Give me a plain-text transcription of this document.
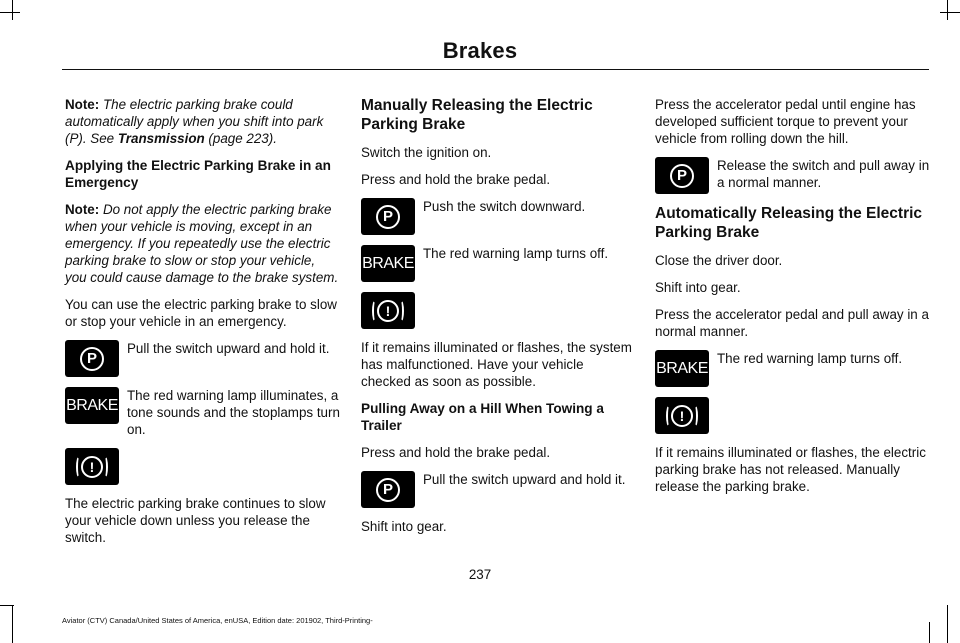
Brakes

Note: The electric parking brake could automatically apply when you shift into park (P). See Transmission (page 223).

Applying the Electric Parking Brake in an Emergency

Note: Do not apply the electric parking brake when your vehicle is moving, except in an emergency. If you repeatedly use the electric parking brake to slow or stop your vehicle, you could cause damage to the brake system.

You can use the electric parking brake to slow or stop your vehicle in an emergency.

P
Pull the switch upward and hold it.
BRAKE
The red warning lamp illuminates, a tone sounds and the stoplamps turn on.
!

The electric parking brake continues to slow your vehicle down unless you release the switch.

Manually Releasing the Electric Parking Brake

Switch the ignition on.

Press and hold the brake pedal.

P
Push the switch downward.
BRAKE
The red warning lamp turns off.
!

If it remains illuminated or flashes, the system has malfunctioned. Have your vehicle checked as soon as possible.

Pulling Away on a Hill When Towing a Trailer

Press and hold the brake pedal.

P
Pull the switch upward and hold it.

Shift into gear.

Press the accelerator pedal until engine has developed sufficient torque to prevent your vehicle from rolling down the hill.

P
Release the switch and pull away in a normal manner.
Automatically Releasing the Electric Parking Brake

Close the driver door.

Shift into gear.

Press the accelerator pedal and pull away in a normal manner.

BRAKE
The red warning lamp turns off.
!

If it remains illuminated or flashes, the electric parking brake has not released. Manually release the parking brake.

237
Aviator (CTV) Canada/United States of America, enUSA, Edition date: 201902, Third-Printing-
